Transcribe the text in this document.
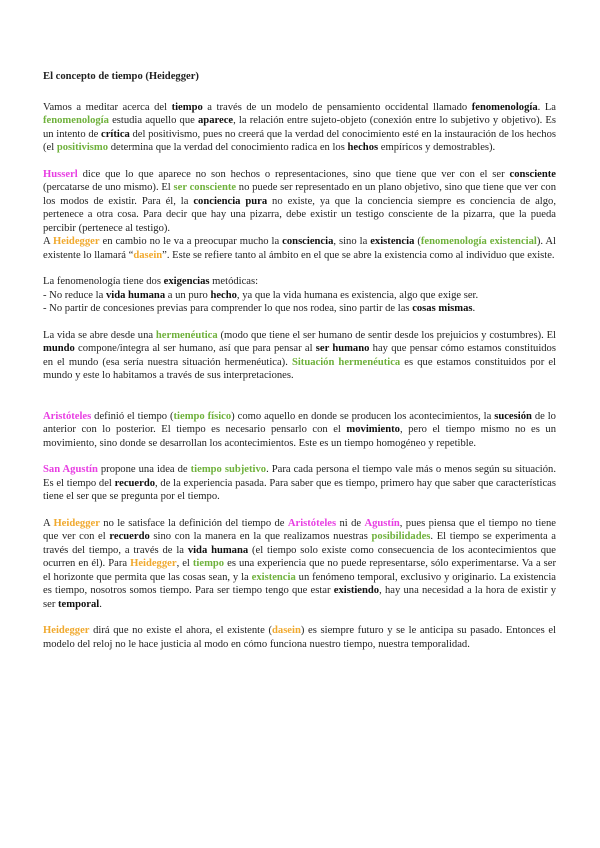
El concepto de tiempo (Heidegger)

Vamos a meditar acerca del tiempo a través de un modelo de pensamiento occidental llamado fenomenología. La fenomenología estudia aquello que aparece, la relación entre sujeto-objeto (conexión entre lo subjetivo y objetivo). Es un intento de crítica del positivismo, pues no creerá que la verdad del conocimiento esté en la instauración de los hechos (el positivismo determina que la verdad del conocimiento radica en los hechos empíricos y demostrables).

Husserl dice que lo que aparece no son hechos o representaciones, sino que tiene que ver con el ser consciente (percatarse de uno mismo). El ser consciente no puede ser representado en un plano objetivo, sino que tiene que ver con los modos de existir. Para él, la conciencia pura no existe, ya que la conciencia siempre es conciencia de algo, pertenece a otra cosa. Para decir que hay una pizarra, debe existir un testigo consciente de la pizarra, que la pueda percibir (pertenece al testigo).

A Heidegger en cambio no le va a preocupar mucho la consciencia, sino la existencia (fenomenología existencial). Al existente lo llamará “dasein”. Este se refiere tanto al ámbito en el que se abre la existencia como al individuo que existe.

La fenomenología tiene dos exigencias metódicas:

- No reduce la vida humana a un puro hecho, ya que la vida humana es existencia, algo que exige ser.

- No partir de concesiones previas para comprender lo que nos rodea, sino partir de las cosas mismas.

La vida se abre desde una hermenéutica (modo que tiene el ser humano de sentir desde los prejuicios y costumbres). El mundo compone/integra al ser humano, así que para pensar al ser humano hay que pensar cómo estamos constituidos en el mundo (esa sería nuestra situación hermenéutica). Situación hermenéutica es que estamos constituidos por el mundo y este lo habitamos a través de sus interpretaciones.

Aristóteles definió el tiempo (tiempo físico) como aquello en donde se producen los acontecimientos, la sucesión de lo anterior con lo posterior. El tiempo es necesario pensarlo con el movimiento, pero el tiempo mismo no es un movimiento, sino donde se desarrollan los acontecimientos. Este es un tiempo homogéneo y repetible.

San Agustín propone una idea de tiempo subjetivo. Para cada persona el tiempo vale más o menos según su situación. Es el tiempo del recuerdo, de la experiencia pasada. Para saber que es tiempo, primero hay que saber que características tiene el ser que se pregunta por el tiempo.

A Heidegger no le satisface la definición del tiempo de Aristóteles ni de Agustín, pues piensa que el tiempo no tiene que ver con el recuerdo sino con la manera en la que realizamos nuestras posibilidades. El tiempo se experimenta a través del tiempo, a través de la vida humana (el tiempo solo existe como consecuencia de los acontecimientos que ocurren en él). Para Heidegger, el tiempo es una experiencia que no puede representarse, sólo experimentarse. Va a ser el horizonte que permita que las cosas sean, y la existencia un fenómeno temporal, exclusivo y originario. La existencia es tiempo, nosotros somos tiempo. Para ser tiempo tengo que estar existiendo, hay una necesidad a la hora de existir y ser temporal.

Heidegger dirá que no existe el ahora, el existente (dasein) es siempre futuro y se le anticipa su pasado. Entonces el modelo del reloj no le hace justicia al modo en cómo funciona nuestro tiempo, nuestra temporalidad.
